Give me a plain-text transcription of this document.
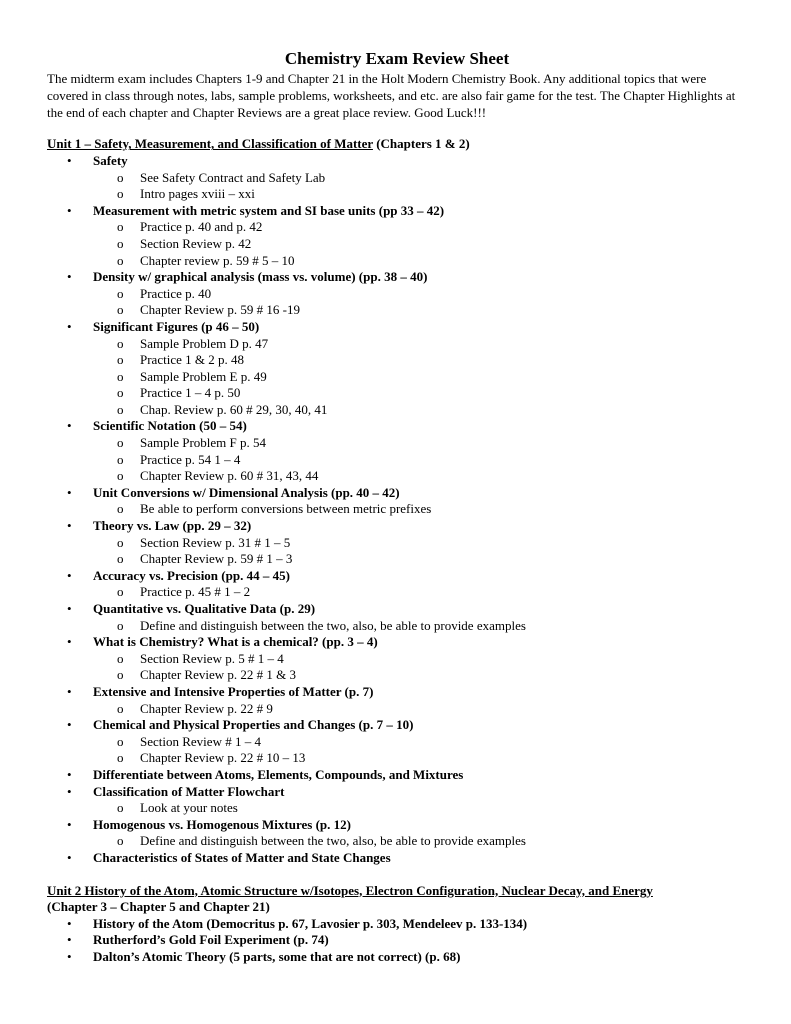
Chemistry Exam Review Sheet

The midterm exam includes Chapters 1-9 and Chapter 21 in the Holt Modern Chemistry Book. Any additional topics that were covered in class through notes, labs, sample problems, worksheets, and etc. are also fair game for the test. The Chapter Highlights at the end of each chapter and Chapter Reviews are a great place review. Good Luck!!!

Unit 1 – Safety, Measurement, and Classification of Matter (Chapters 1 & 2)

• Safety
o See Safety Contract and Safety Lab
o Intro pages xviii – xxi
• Measurement with metric system and SI base units (pp 33 – 42)
o Practice p. 40 and p. 42
o Section Review p. 42
o Chapter review p. 59 # 5 – 10
• Density w/ graphical analysis (mass vs. volume) (pp. 38 – 40)
o Practice p. 40
o Chapter Review p. 59 # 16 -19
• Significant Figures (p 46 – 50)
o Sample Problem D p. 47
o Practice 1 & 2 p. 48
o Sample Problem E p. 49
o Practice 1 – 4 p. 50
o Chap. Review p. 60 # 29, 30, 40, 41
• Scientific Notation (50 – 54)
o Sample Problem F p. 54
o Practice p. 54 1 – 4
o Chapter Review p. 60 # 31, 43, 44
• Unit Conversions w/ Dimensional Analysis (pp. 40 – 42)
o Be able to perform conversions between metric prefixes
• Theory vs. Law (pp. 29 – 32)
o Section Review p. 31 # 1 – 5
o Chapter Review p. 59 # 1 – 3
• Accuracy vs. Precision (pp. 44 – 45)
o Practice p. 45 # 1 – 2
• Quantitative vs. Qualitative Data (p. 29)
o Define and distinguish between the two, also, be able to provide examples
• What is Chemistry? What is a chemical? (pp. 3 – 4)
o Section Review p. 5 # 1 – 4
o Chapter Review p. 22 # 1 & 3
• Extensive and Intensive Properties of Matter (p. 7)
o Chapter Review p. 22 # 9
• Chemical and Physical Properties and Changes (p. 7 – 10)
o Section Review # 1 – 4
o Chapter Review p. 22 # 10 – 13
• Differentiate between Atoms, Elements, Compounds, and Mixtures
• Classification of Matter Flowchart
o Look at your notes
• Homogenous vs. Homogenous Mixtures (p. 12)
o Define and distinguish between the two, also, be able to provide examples
• Characteristics of States of Matter and State Changes

Unit 2 History of the Atom, Atomic Structure w/Isotopes, Electron Configuration, Nuclear Decay, and Energy
(Chapter 3 – Chapter 5 and Chapter 21)

• History of the Atom (Democritus p. 67, Lavosier p. 303, Mendeleev p. 133-134)
• Rutherford’s Gold Foil Experiment (p. 74)
• Dalton’s Atomic Theory (5 parts, some that are not correct) (p. 68)
